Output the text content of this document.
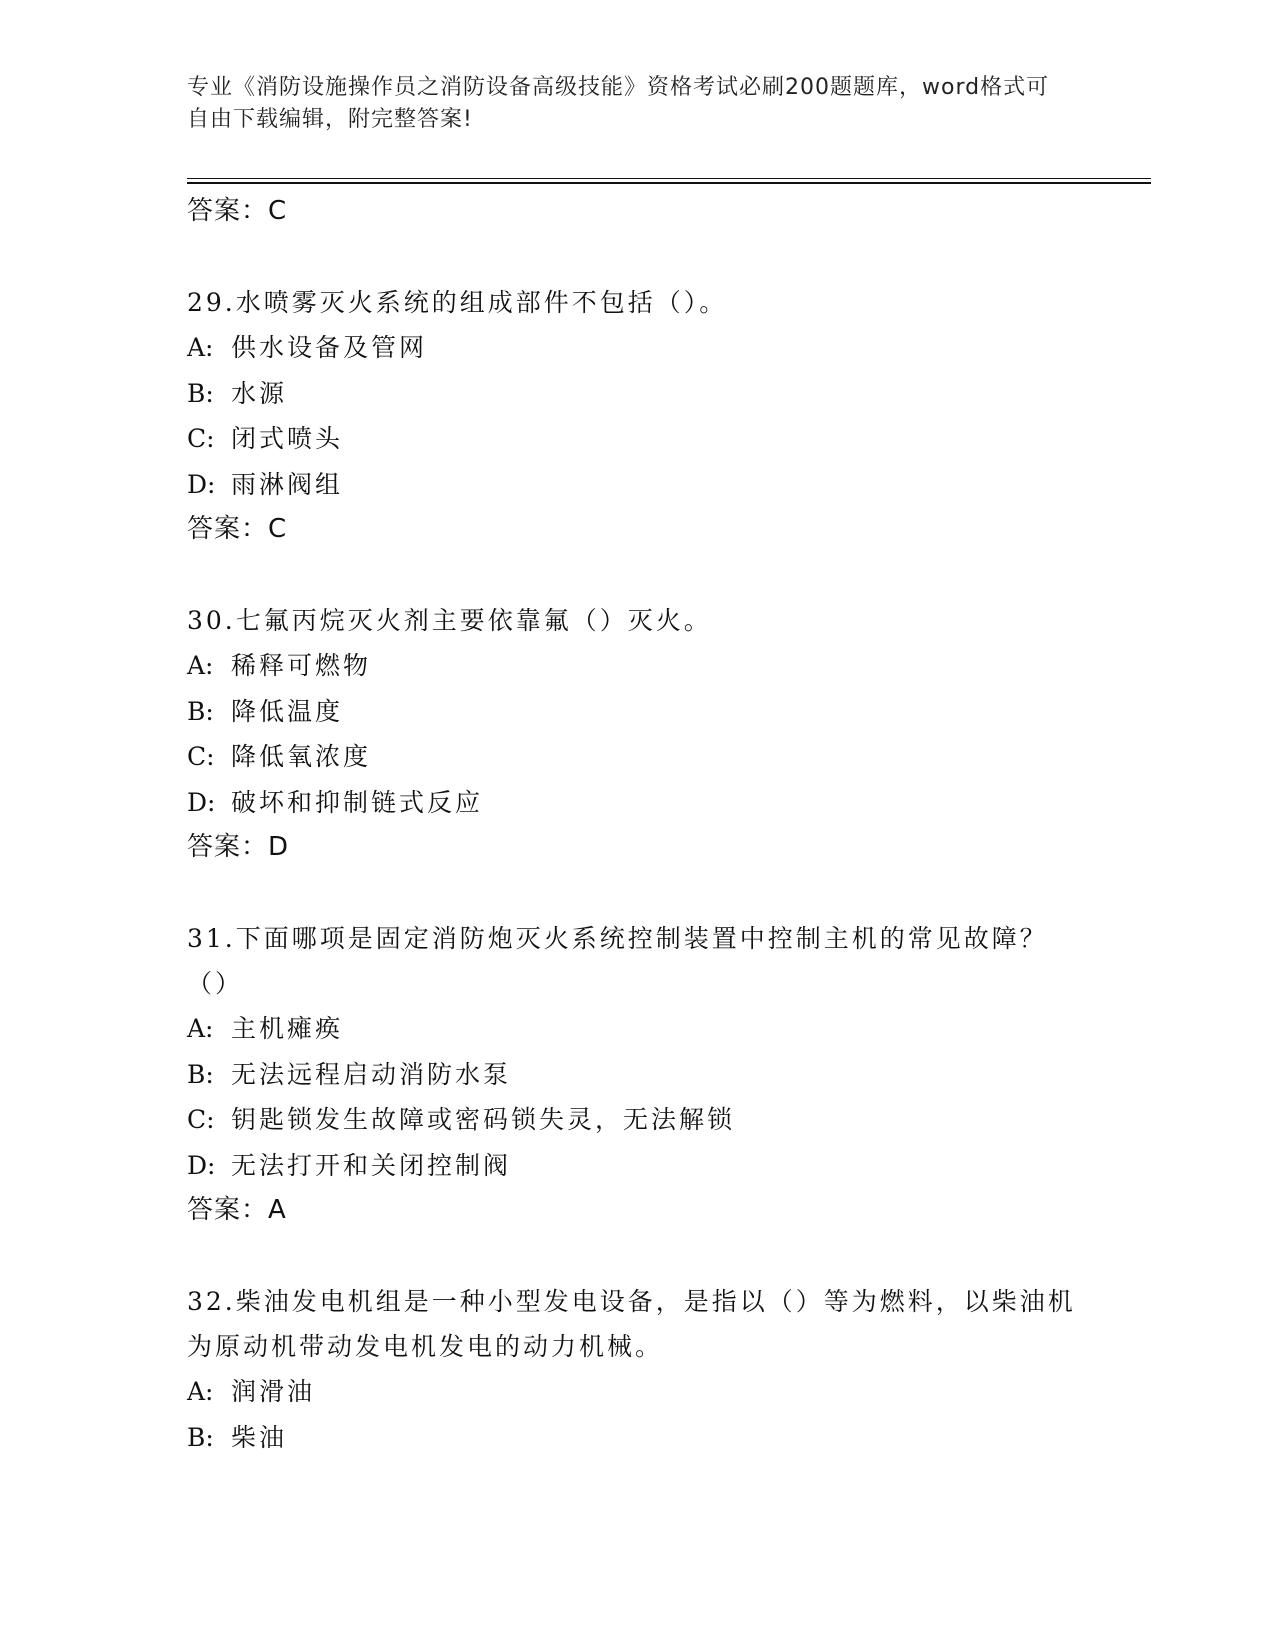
专业《消防设施操作员之消防设备高级技能》资格考试必刷200题题库，word格式可自由下载编辑，附完整答案!
答案：C
29.水喷雾灭火系统的组成部件不包括（）。
A: 供水设备及管网
B: 水源
C: 闭式喷头
D: 雨淋阀组
答案：C
30.七氟丙烷灭火剂主要依靠氟（）灭火。
A: 稀释可燃物
B: 降低温度
C: 降低氧浓度
D: 破坏和抑制链式反应
答案：D
31.下面哪项是固定消防炮灭火系统控制装置中控制主机的常见故障？（）
A: 主机瘫痪
B: 无法远程启动消防水泵
C: 钥匙锁发生故障或密码锁失灵，无法解锁
D: 无法打开和关闭控制阀
答案：A
32.柴油发电机组是一种小型发电设备，是指以（）等为燃料，以柴油机为原动机带动发电机发电的动力机械。
A: 润滑油
B: 柴油
